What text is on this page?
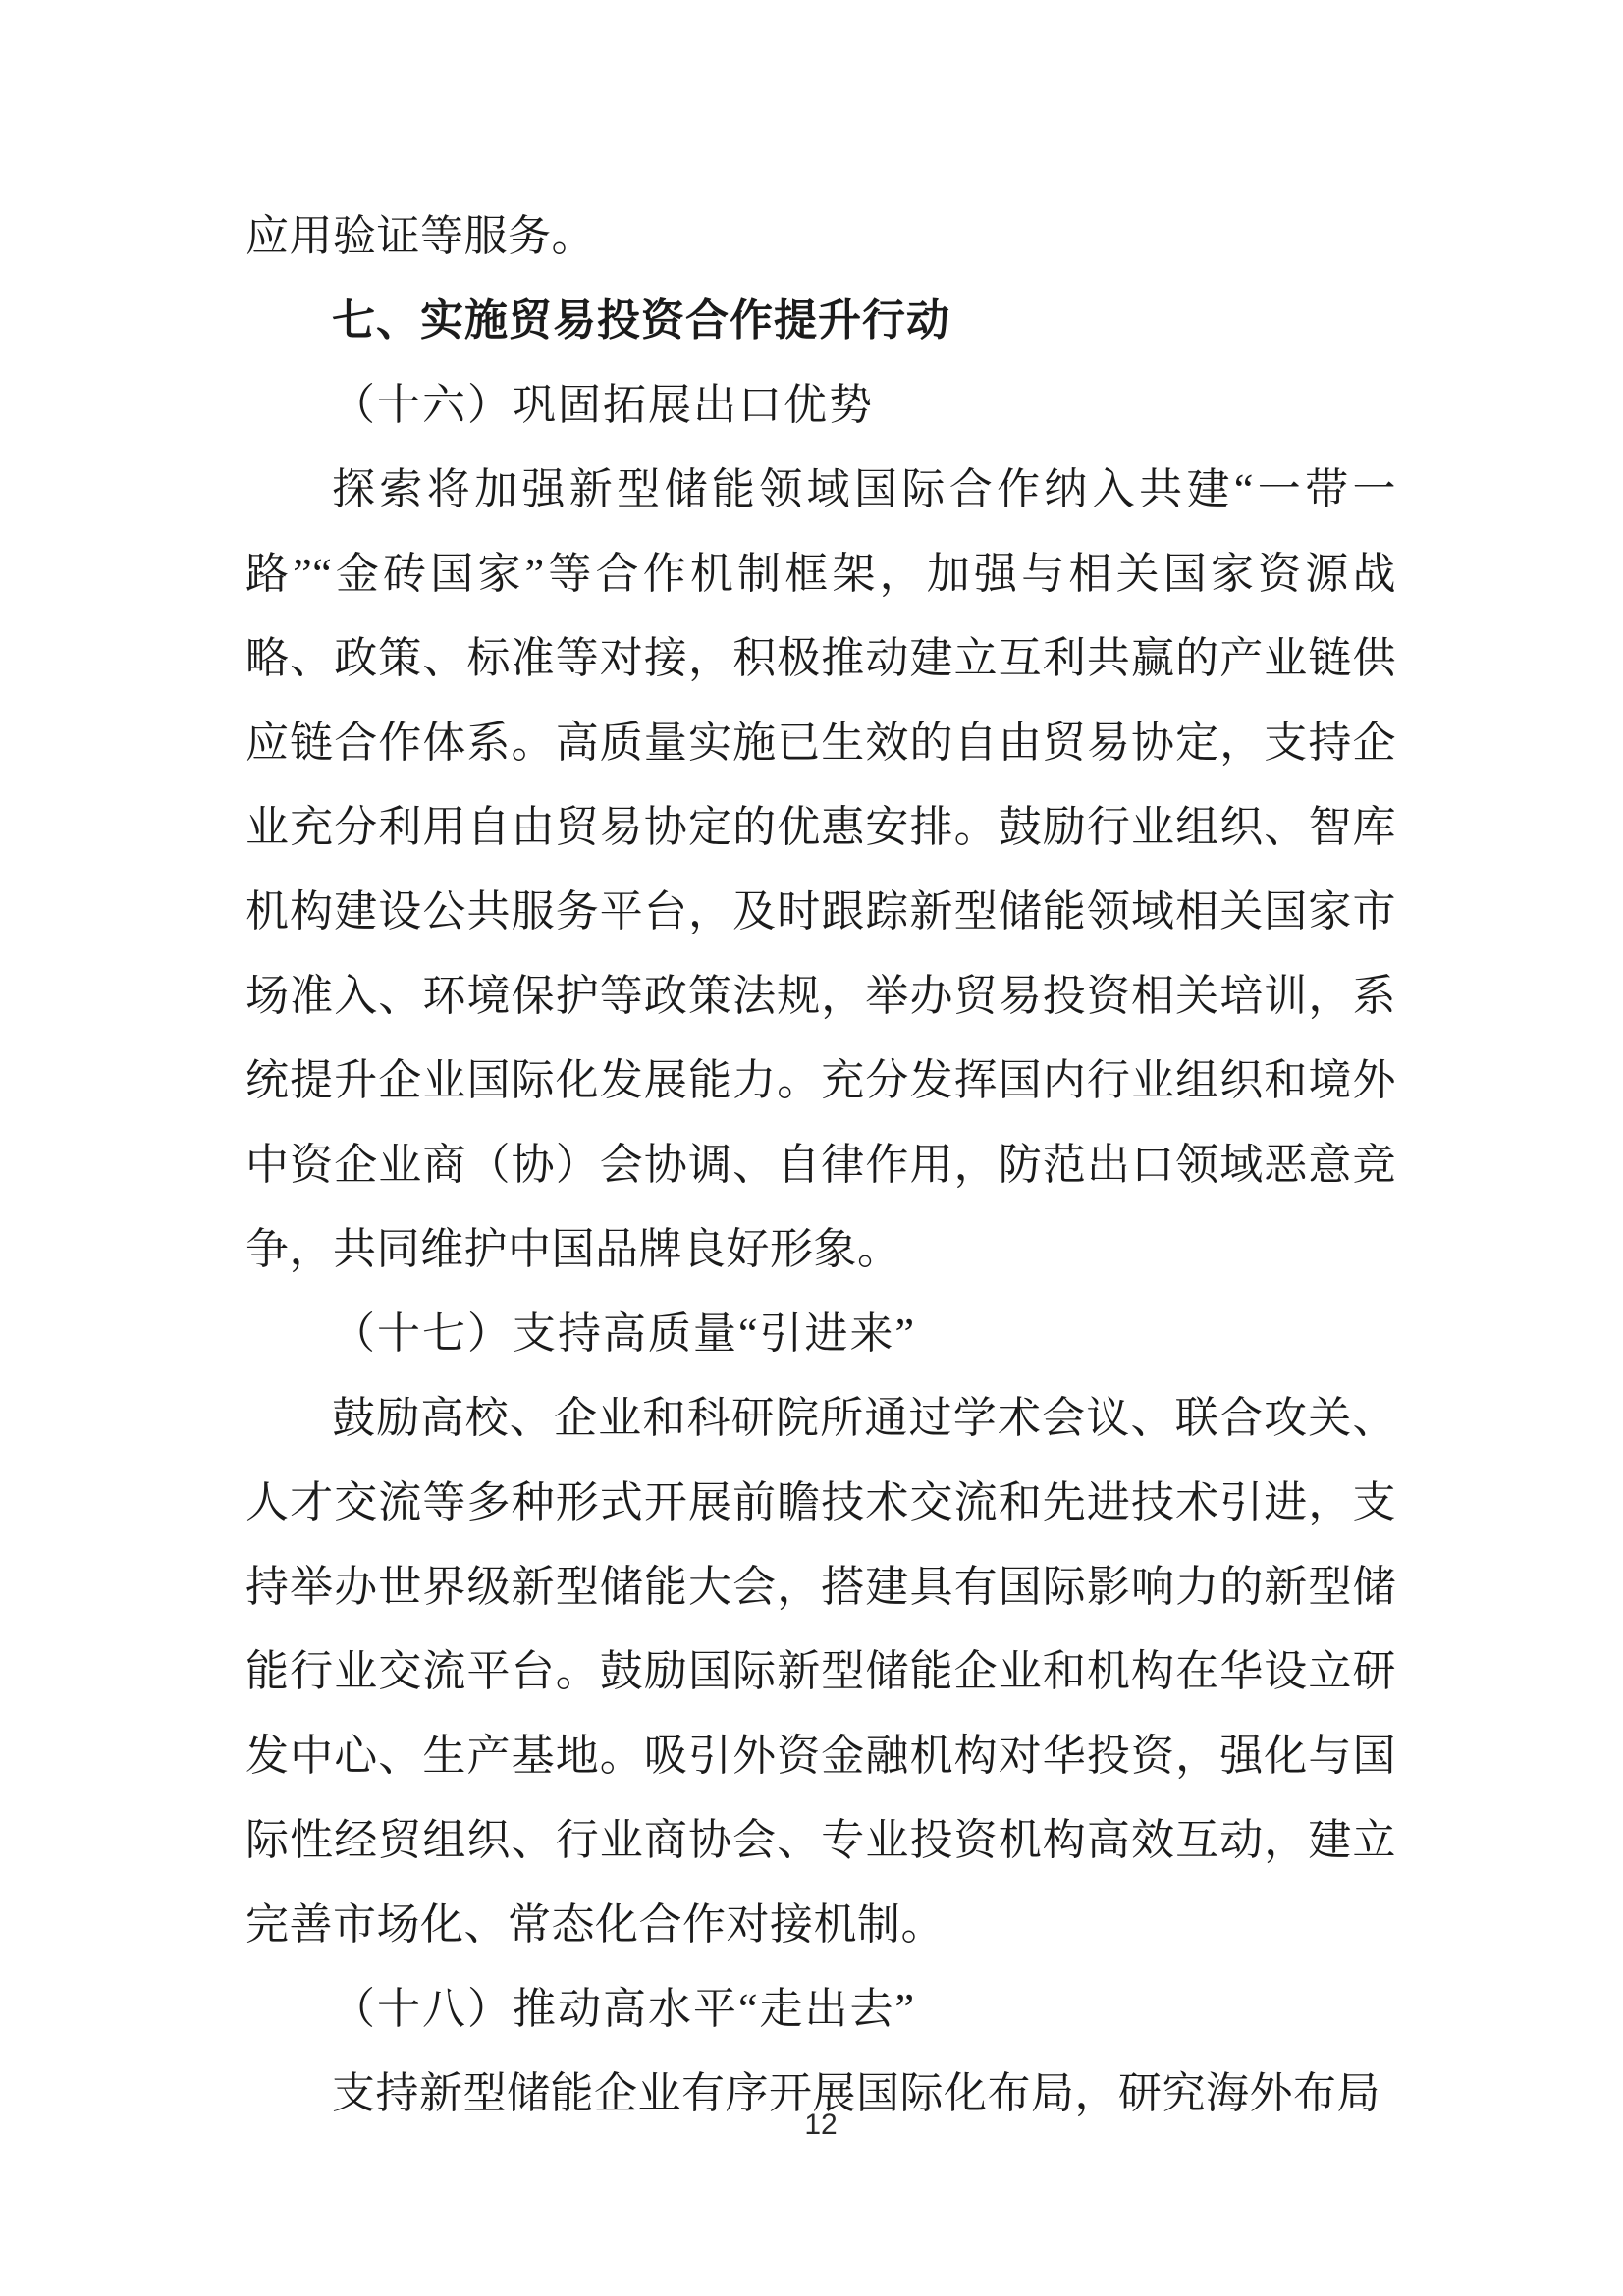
应用验证等服务。

七、实施贸易投资合作提升行动

（十六）巩固拓展出口优势

探索将加强新型储能领域国际合作纳入共建“一带一路”“金砖国家”等合作机制框架，加强与相关国家资源战略、政策、标准等对接，积极推动建立互利共赢的产业链供应链合作体系。高质量实施已生效的自由贸易协定，支持企业充分利用自由贸易协定的优惠安排。鼓励行业组织、智库机构建设公共服务平台，及时跟踪新型储能领域相关国家市场准入、环境保护等政策法规，举办贸易投资相关培训，系统提升企业国际化发展能力。充分发挥国内行业组织和境外中资企业商（协）会协调、自律作用，防范出口领域恶意竞争，共同维护中国品牌良好形象。

（十七）支持高质量“引进来”

鼓励高校、企业和科研院所通过学术会议、联合攻关、人才交流等多种形式开展前瞻技术交流和先进技术引进，支持举办世界级新型储能大会，搭建具有国际影响力的新型储能行业交流平台。鼓励国际新型储能企业和机构在华设立研发中心、生产基地。吸引外资金融机构对华投资，强化与国际性经贸组织、行业商协会、专业投资机构高效互动，建立完善市场化、常态化合作对接机制。

（十八）推动高水平“走出去”

支持新型储能企业有序开展国际化布局，研究海外布局

12
